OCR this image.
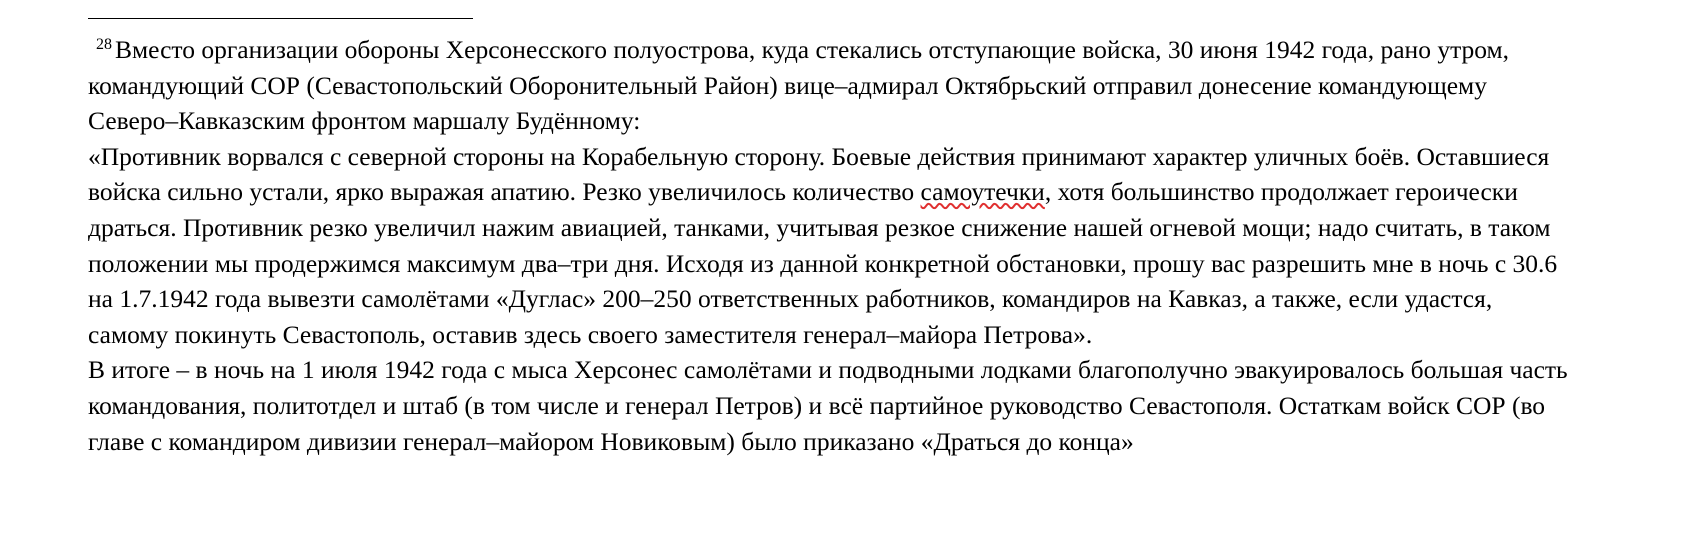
$^{28}$ Вместо организации обороны Херсонесского полуострова, куда стекались отступающие войска, 30 июня 1942 года, рано утром, командующий СОР (Севастопольский Оборонительный Район) вице–адмирал Октябрьский отправил донесение командующему Северо–Кавказским фронтом маршалу Будённому:

«Противник ворвался с северной стороны на Корабельную сторону. Боевые действия принимают характер уличных боёв. Оставшиеся войска сильно устали, ярко выражая апатию. Резко увеличилось количество самоутечки, хотя большинство продолжает героически драться. Противник резко увеличил нажим авиацией, танками, учитывая резкое снижение нашей огневой мощи; надо считать, в таком положении мы продержимся максимум два–три дня. Исходя из данной конкретной обстановки, прошу вас разрешить мне в ночь с 30.6 на 1.7.1942 года вывезти самолётами «Дуглас» 200–250 ответственных работников, командиров на Кавказ, а также, если удастся, самому покинуть Севастополь, оставив здесь своего заместителя генерал–майора Петрова».

В итоге – в ночь на 1 июля 1942 года с мыса Херсонес самолётами и подводными лодками благополучно эвакуировалось большая часть командования, политотдел и штаб (в том числе и генерал Петров) и всё партийное руководство Севастополя. Остаткам войск СОР (во главе с командиром дивизии генерал–майором Новиковым) было приказано «Драться до конца»
